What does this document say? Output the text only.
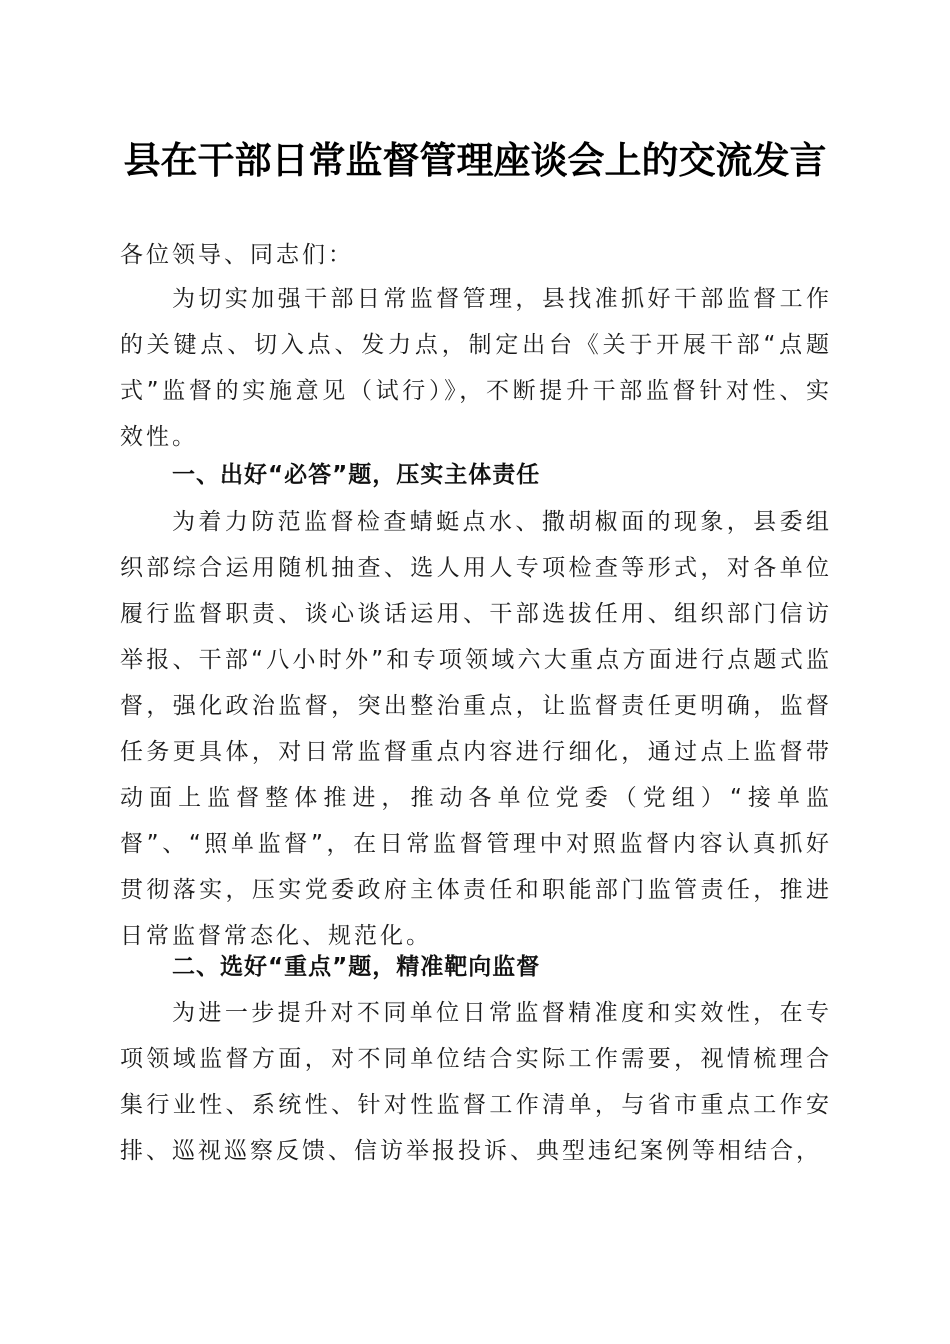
县在干部日常监督管理座谈会上的交流发言

各位领导、同志们：

为切实加强干部日常监督管理，县找准抓好干部监督工作的关键点、切入点、发力点，制定出台《关于开展干部“点题式”监督的实施意见（试行）》，不断提升干部监督针对性、实效性。

一、出好“必答”题，压实主体责任

为着力防范监督检查蜻蜓点水、撒胡椒面的现象，县委组织部综合运用随机抽查、选人用人专项检查等形式，对各单位履行监督职责、谈心谈话运用、干部选拔任用、组织部门信访举报、干部“八小时外”和专项领域六大重点方面进行点题式监督，强化政治监督，突出整治重点，让监督责任更明确，监督任务更具体，对日常监督重点内容进行细化，通过点上监督带动面上监督整体推进，推动各单位党委（党组）“接单监督”、“照单监督”，在日常监督管理中对照监督内容认真抓好贯彻落实，压实党委政府主体责任和职能部门监管责任，推进日常监督常态化、规范化。

二、选好“重点”题，精准靶向监督

为进一步提升对不同单位日常监督精准度和实效性，在专项领域监督方面，对不同单位结合实际工作需要，视情梳理合集行业性、系统性、针对性监督工作清单，与省市重点工作安排、巡视巡察反馈、信访举报投诉、典型违纪案例等相结合，
